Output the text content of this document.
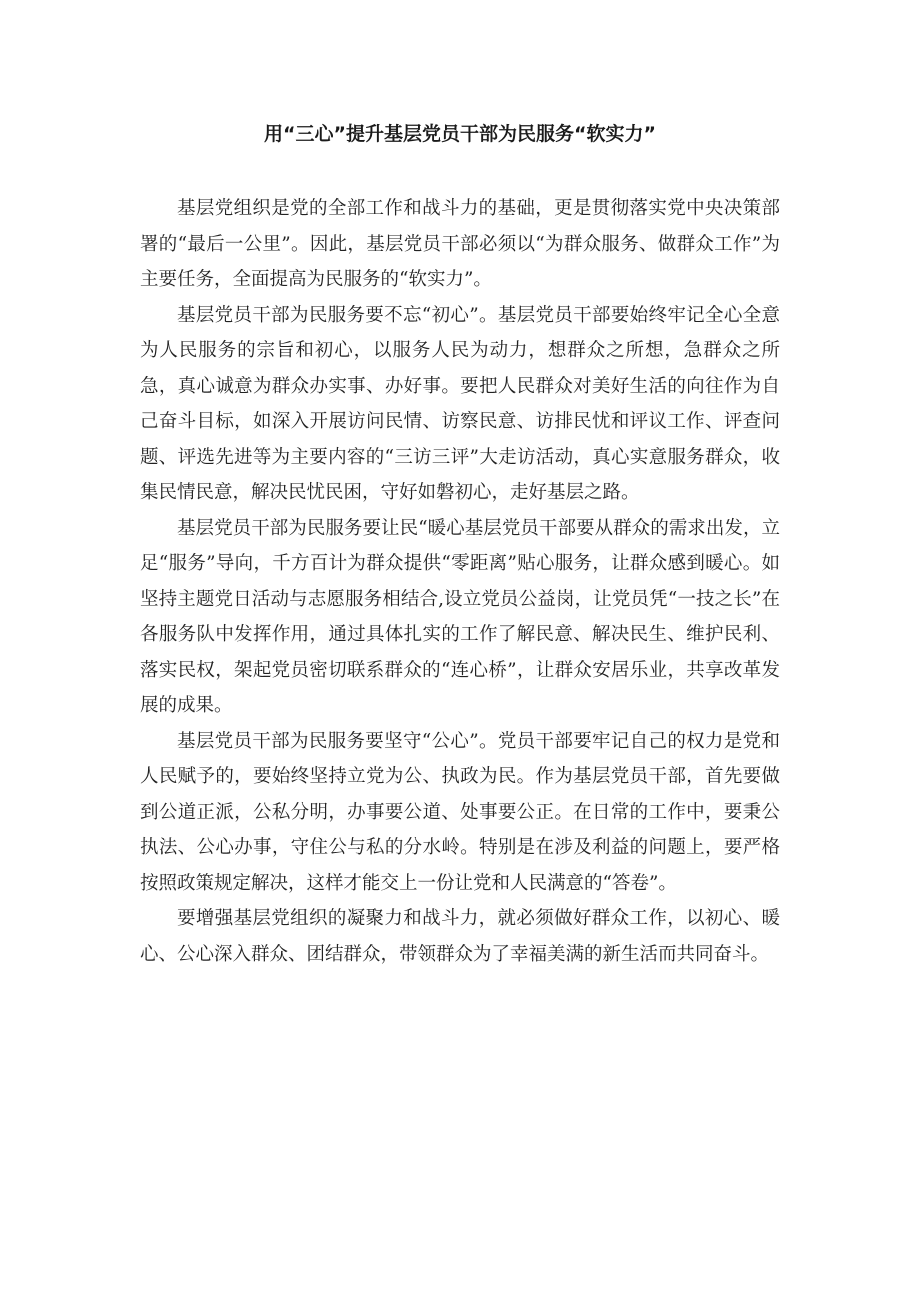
用“三心”提升基层党员干部为民服务“软实力”

基层党组织是党的全部工作和战斗力的基础，更是贯彻落实党中央决策部署的“最后一公里”。因此，基层党员干部必须以“为群众服务、做群众工作”为主要任务，全面提高为民服务的“软实力”。

基层党员干部为民服务要不忘“初心”。基层党员干部要始终牢记全心全意为人民服务的宗旨和初心，以服务人民为动力，想群众之所想，急群众之所急，真心诚意为群众办实事、办好事。要把人民群众对美好生活的向往作为自己奋斗目标，如深入开展访问民情、访察民意、访排民忧和评议工作、评查问题、评选先进等为主要内容的“三访三评”大走访活动，真心实意服务群众，收集民情民意，解决民忧民困，守好如磐初心，走好基层之路。

基层党员干部为民服务要让民“暖心基层党员干部要从群众的需求出发，立足“服务”导向，千方百计为群众提供“零距离”贴心服务，让群众感到暖心。如坚持主题党日活动与志愿服务相结合,设立党员公益岗，让党员凭“一技之长”在各服务队中发挥作用，通过具体扎实的工作了解民意、解决民生、维护民利、落实民权，架起党员密切联系群众的“连心桥”，让群众安居乐业，共享改革发展的成果。

基层党员干部为民服务要坚守“公心”。党员干部要牢记自己的权力是党和人民赋予的，要始终坚持立党为公、执政为民。作为基层党员干部，首先要做到公道正派，公私分明，办事要公道、处事要公正。在日常的工作中，要秉公执法、公心办事，守住公与私的分水岭。特别是在涉及利益的问题上，要严格按照政策规定解决，这样才能交上一份让党和人民满意的“答卷”。

要增强基层党组织的凝聚力和战斗力，就必须做好群众工作，以初心、暖心、公心深入群众、团结群众，带领群众为了幸福美满的新生活而共同奋斗。
